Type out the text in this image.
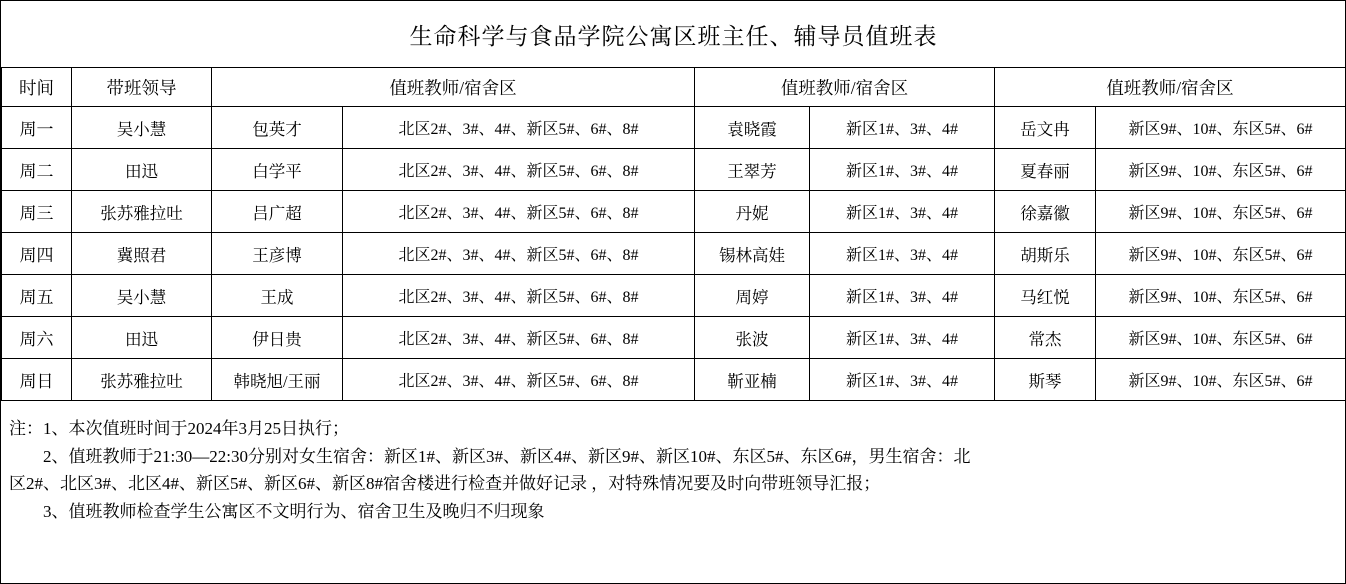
生命科学与食品学院公寓区班主任、辅导员值班表							
时间	带班领导	值班教师/宿舍区		值班教师/宿舍区		值班教师/宿舍区	
周一	吴小慧	包英才	北区2#、3#、4#、新区5#、6#、8#	袁晓霞	新区1#、3#、4#	岳文冉	新区9#、10#、东区5#、6#
周二	田迅	白学平	北区2#、3#、4#、新区5#、6#、8#	王翠芳	新区1#、3#、4#	夏春丽	新区9#、10#、东区5#、6#
周三	张苏雅拉吐	吕广超	北区2#、3#、4#、新区5#、6#、8#	丹妮	新区1#、3#、4#	徐嘉徽	新区9#、10#、东区5#、6#
周四	冀照君	王彦博	北区2#、3#、4#、新区5#、6#、8#	锡林高娃	新区1#、3#、4#	胡斯乐	新区9#、10#、东区5#、6#
周五	吴小慧	王成	北区2#、3#、4#、新区5#、6#、8#	周婷	新区1#、3#、4#	马红悦	新区9#、10#、东区5#、6#
周六	田迅	伊日贵	北区2#、3#、4#、新区5#、6#、8#	张波	新区1#、3#、4#	常杰	新区9#、10#、东区5#、6#
周日	张苏雅拉吐	韩晓旭/王丽	北区2#、3#、4#、新区5#、6#、8#	靳亚楠	新区1#、3#、4#	斯琴	新区9#、10#、东区5#、6#

注：1、本次值班时间于2024年3月25日执行；

2、值班教师于21:30—22:30分别对女生宿舍：新区1#、新区3#、新区4#、新区9#、新区10#、东区5#、东区6#，男生宿舍：北

区2#、北区3#、北区4#、新区5#、新区6#、新区8#宿舍楼进行检查并做好记录 ，对特殊情况要及时向带班领导汇报；

3、值班教师检查学生公寓区不文明行为、宿舍卫生及晚归不归现象
